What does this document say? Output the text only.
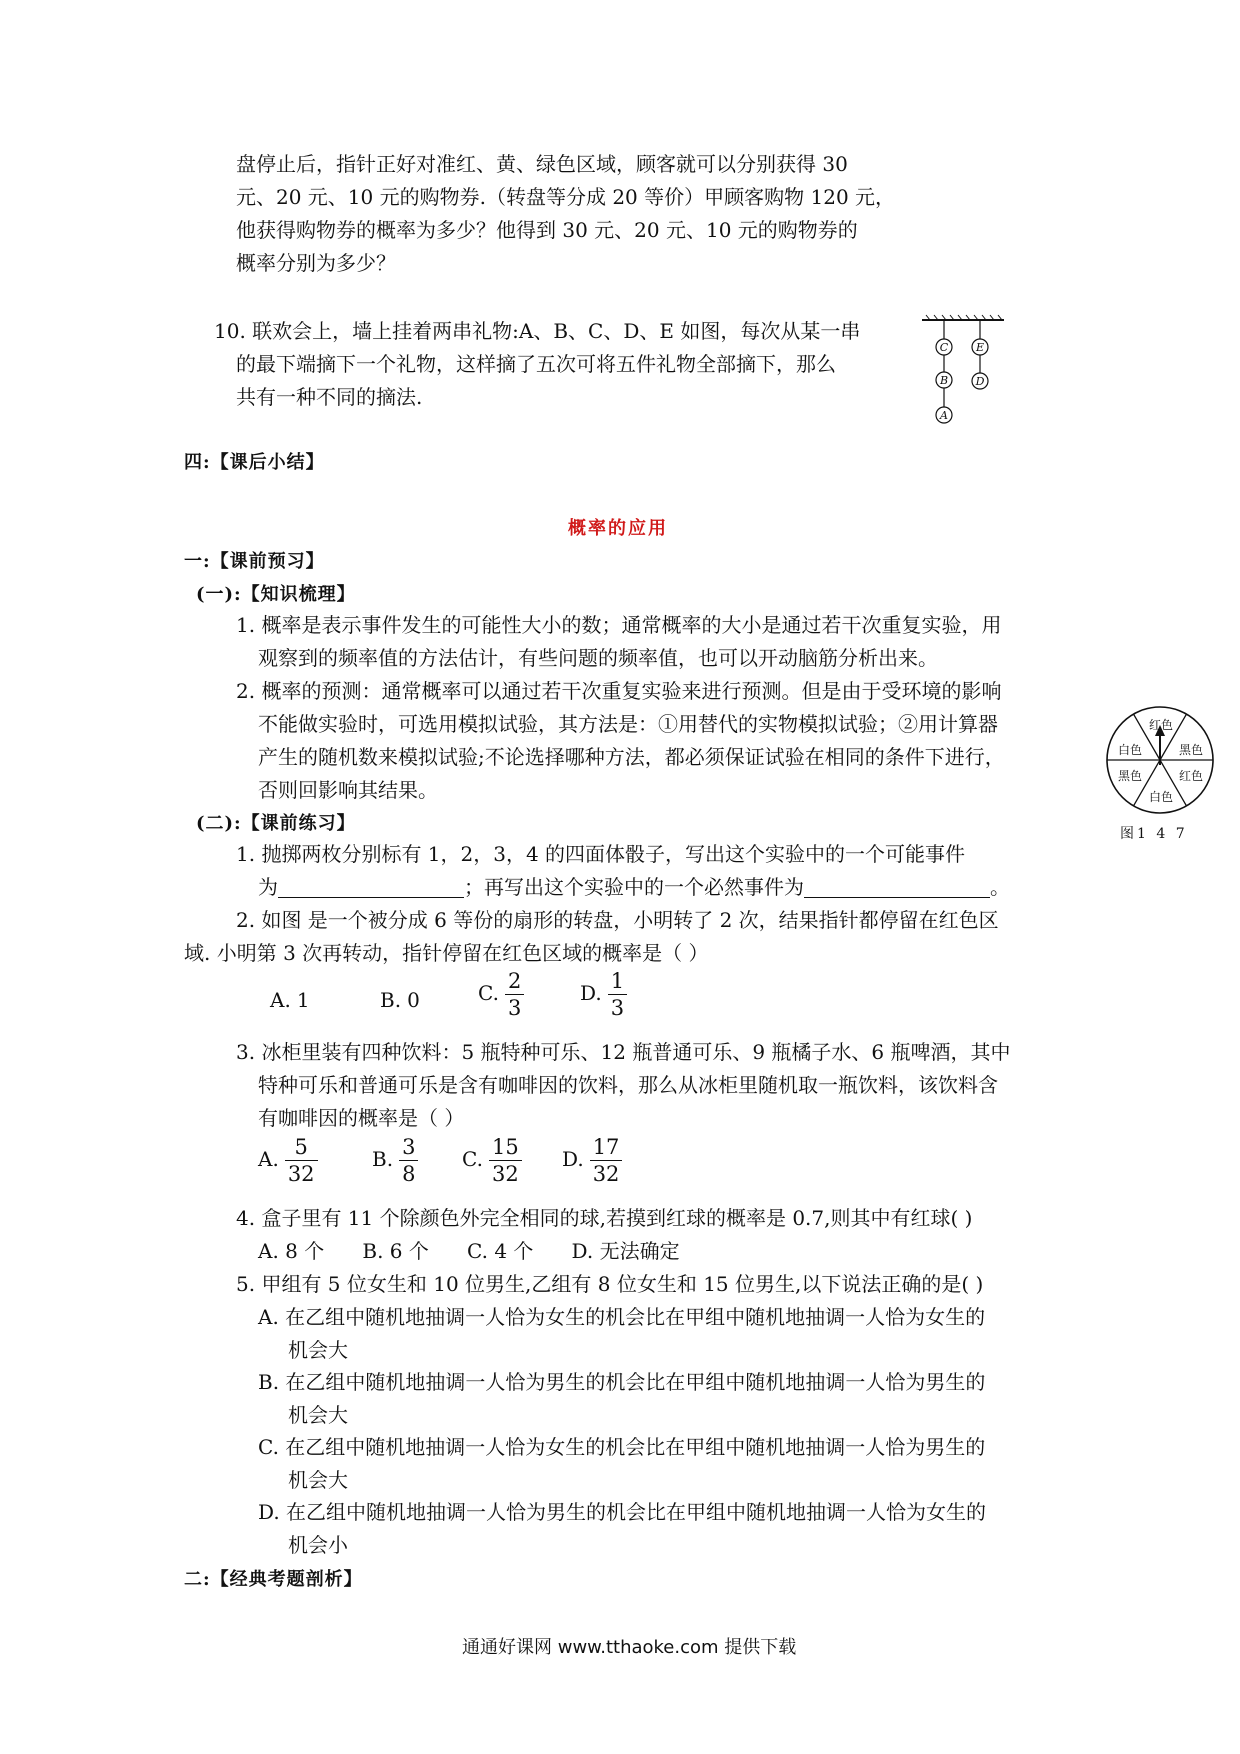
盘停止后，指针正好对准红、黄、绿色区域，顾客就可以分别获得 30
元、20 元、10 元的购物券.（转盘等分成 20 等价）甲顾客购物 120 元，
他获得购物券的概率为多少？他得到 30 元、20 元、10 元的购物券的
概率分别为多少？
10. 联欢会上，墙上挂着两串礼物:A、B、C、D、E 如图，每次从某一串
的最下端摘下一个礼物，这样摘了五次可将五件礼物全部摘下，那么
共有一种不同的摘法.
C
B
A
E
D
四:【课后小结】
概率的应用
一:【课前预习】
(一):【知识梳理】
1. 概率是表示事件发生的可能性大小的数；通常概率的大小是通过若干次重复实验，用
观察到的频率值的方法估计，有些问题的频率值，也可以开动脑筋分析出来。
2. 概率的预测：通常概率可以通过若干次重复实验来进行预测。但是由于受环境的影响
不能做实验时，可选用模拟试验，其方法是：①用替代的实物模拟试验；②用计算器
产生的随机数来模拟试验;不论选择哪种方法，都必须保证试验在相同的条件下进行，
否则回影响其结果。
红色
黑色
红色
白色
黑色
白色
图1 4 7
(二):【课前练习】
1. 抛掷两枚分别标有 1，2，3，4 的四面体骰子，写出这个实验中的一个可能事件
为	；再写出这个实验中的一个必然事件为	。
2. 如图 是一个被分成 6 等份的扇形的转盘，小明转了 2 次，结果指针都停留在红色区
域. 小明第 3 次再转动，指针停留在红色区域的概率是（ ）
A. 1	B. 0	C. $\frac{2}{3}$	D. $\frac{1}{3}$
3. 冰柜里装有四种饮料：5 瓶特种可乐、12 瓶普通可乐、9 瓶橘子水、6 瓶啤酒，其中
特种可乐和普通可乐是含有咖啡因的饮料，那么从冰柜里随机取一瓶饮料，该饮料含
有咖啡因的概率是（ ）
A. $\frac{5}{32}$	B. $\frac{3}{8} C$. $\frac{15}{32} D$. $\frac{17}{32}$
4. 盒子里有 11 个除颜色外完全相同的球,若摸到红球的概率是 0.7,则其中有红球( )
A. 8 个      B. 6 个      C. 4 个      D. 无法确定
5. 甲组有 5 位女生和 10 位男生,乙组有 8 位女生和 15 位男生,以下说法正确的是( )
A. 在乙组中随机地抽调一人恰为女生的机会比在甲组中随机地抽调一人恰为女生的
机会大
B. 在乙组中随机地抽调一人恰为男生的机会比在甲组中随机地抽调一人恰为男生的
机会大
C. 在乙组中随机地抽调一人恰为女生的机会比在甲组中随机地抽调一人恰为男生的
机会大
D. 在乙组中随机地抽调一人恰为男生的机会比在甲组中随机地抽调一人恰为女生的
机会小
二:【经典考题剖析】
通通好课网 www.tthaoke.com 提供下载
